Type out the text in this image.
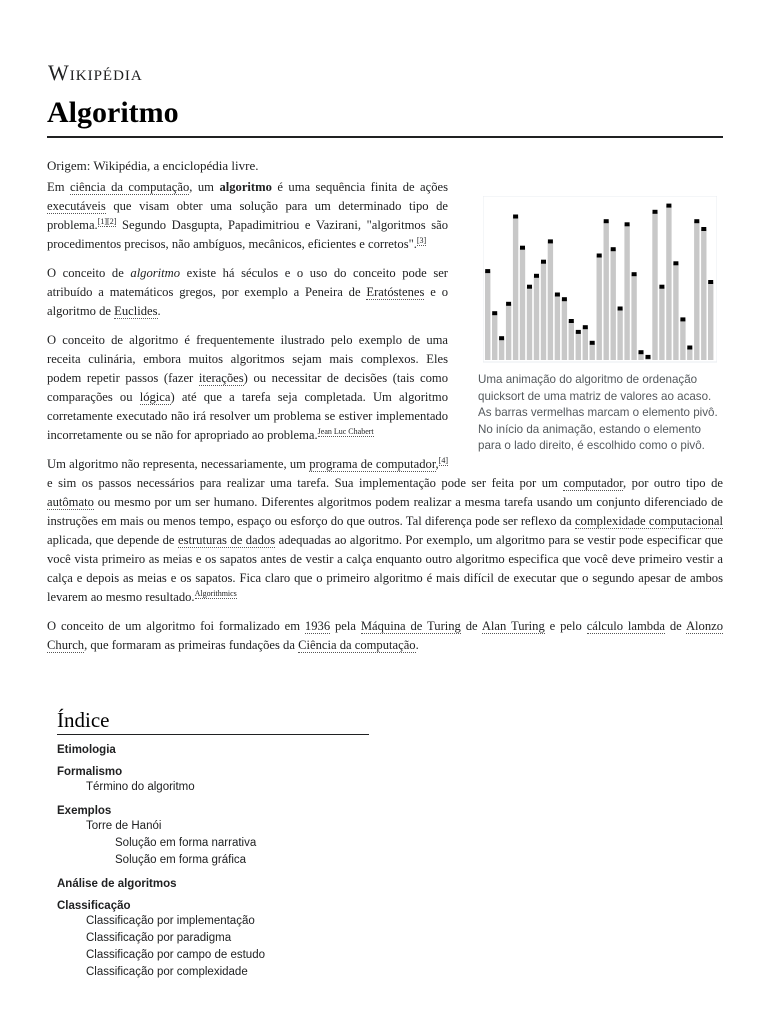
Wikipédia
Algoritmo
Origem: Wikipédia, a enciclopédia livre.
Uma animação do algoritmo de ordenação quicksort de uma matriz de valores ao acaso. As barras vermelhas marcam o elemento pivô. No início da animação, estando o elemento para o lado direito, é escolhido como o pivô.

Em ciência da computação, um algoritmo é uma sequência finita de ações executáveis que visam obter uma solução para um determinado tipo de problema.[1][2] Segundo Dasgupta, Papadimitriou e Vazirani, "algoritmos são procedimentos precisos, não ambíguos, mecânicos, eficientes e corretos".[3]

O conceito de algoritmo existe há séculos e o uso do conceito pode ser atribuído a matemáticos gregos, por exemplo a Peneira de Eratóstenes e o algoritmo de Euclides.

O conceito de algoritmo é frequentemente ilustrado pelo exemplo de uma receita culinária, embora muitos algoritmos sejam mais complexos. Eles podem repetir passos (fazer iterações) ou necessitar de decisões (tais como comparações ou lógica) até que a tarefa seja completada. Um algoritmo corretamente executado não irá resolver um problema se estiver implementado incorretamente ou se não for apropriado ao problema.$^{Jean Luc Chabert}$

Um algoritmo não representa, necessariamente, um programa de computador,[4] e sim os passos necessários para realizar uma tarefa. Sua implementação pode ser feita por um computador, por outro tipo de autômato ou mesmo por um ser humano. Diferentes algoritmos podem realizar a mesma tarefa usando um conjunto diferenciado de instruções em mais ou menos tempo, espaço ou esforço do que outros. Tal diferença pode ser reflexo da complexidade computacional aplicada, que depende de estruturas de dados adequadas ao algoritmo. Por exemplo, um algoritmo para se vestir pode especificar que você vista primeiro as meias e os sapatos antes de vestir a calça enquanto outro algoritmo especifica que você deve primeiro vestir a calça e depois as meias e os sapatos. Fica claro que o primeiro algoritmo é mais difícil de executar que o segundo apesar de ambos levarem ao mesmo resultado.$^{Algorithmics}$

O conceito de um algoritmo foi formalizado em 1936 pela Máquina de Turing de Alan Turing e pelo cálculo lambda de Alonzo Church, que formaram as primeiras fundações da Ciência da computação.

Índice
Etimologia
Formalismo
Término do algoritmo
Exemplos
Torre de Hanói
Solução em forma narrativa
Solução em forma gráfica
Análise de algoritmos
Classificação
Classificação por implementação
Classificação por paradigma
Classificação por campo de estudo
Classificação por complexidade
